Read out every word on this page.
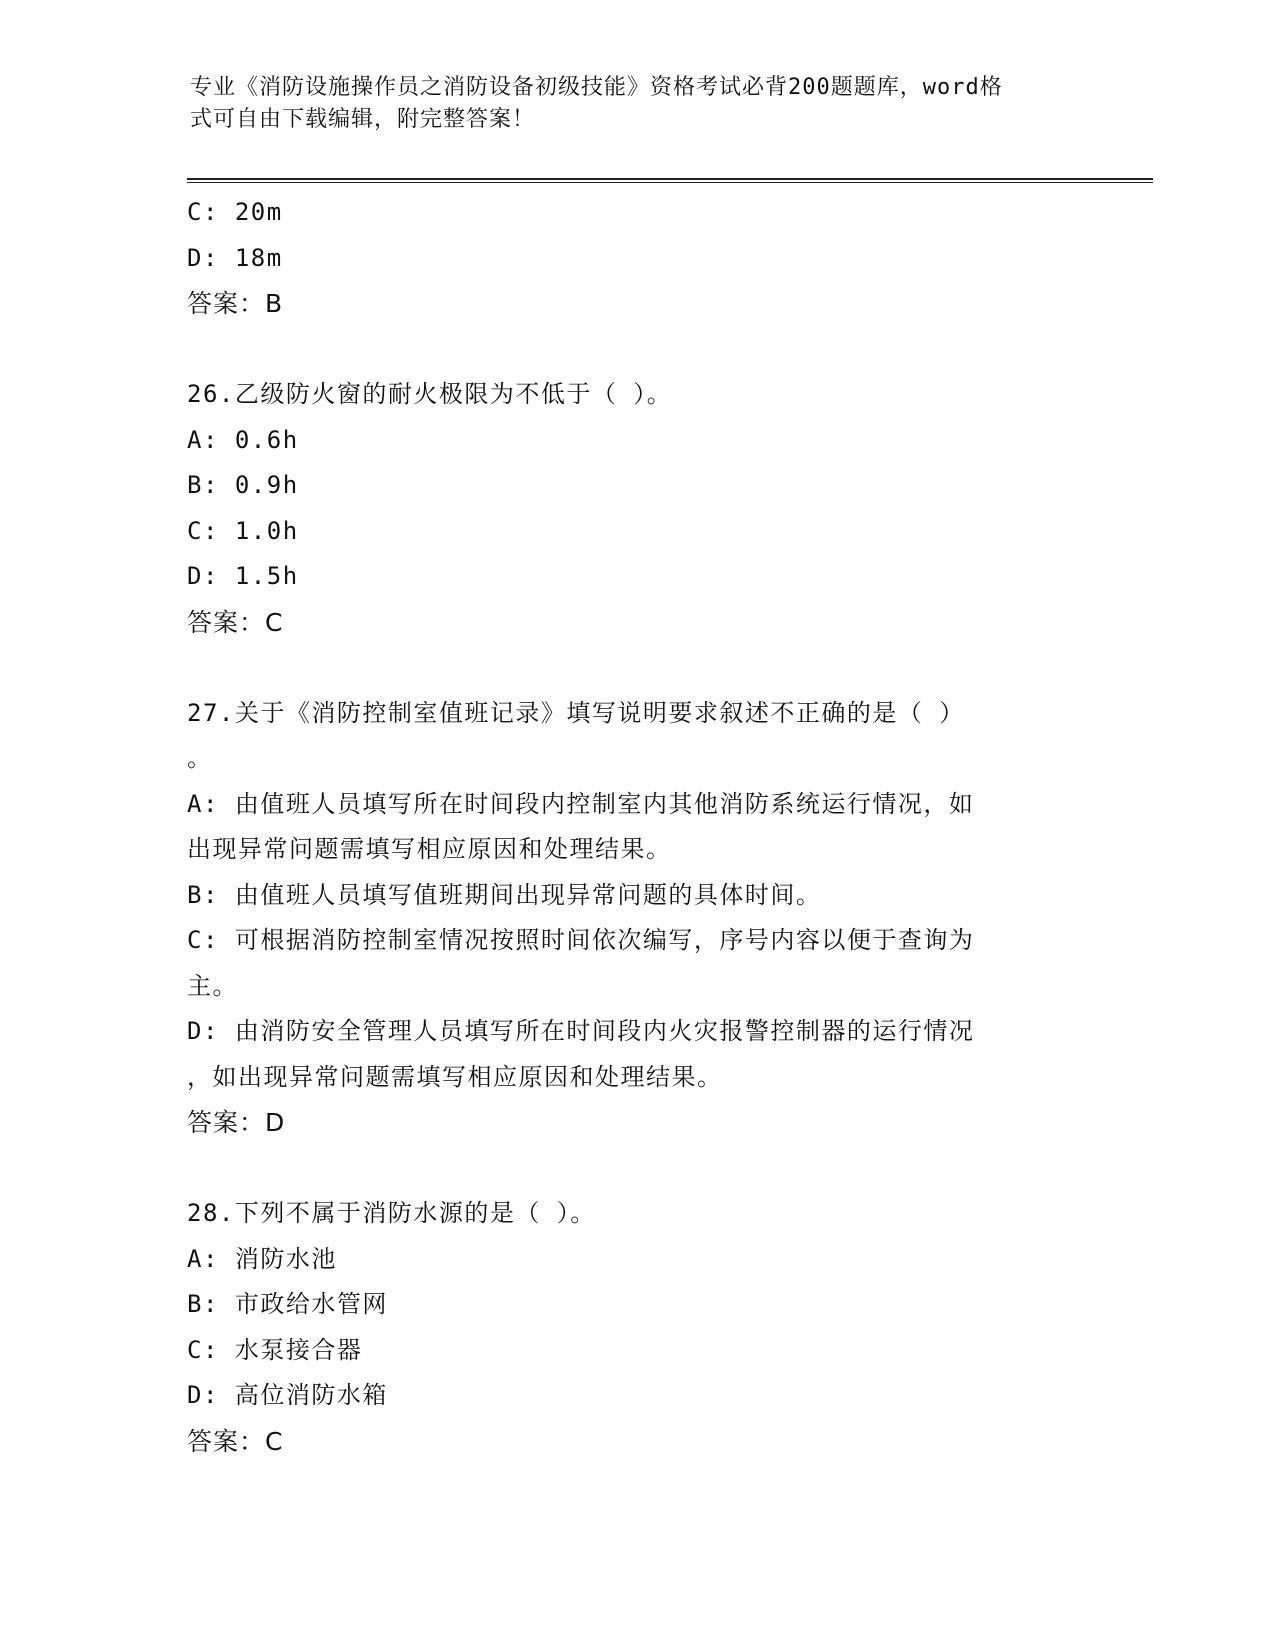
专业《消防设施操作员之消防设备初级技能》资格考试必背200题题库，word格
式可自由下载编辑，附完整答案！
C: 20m
D: 18m
答案：B
26.乙级防火窗的耐火极限为不低于（ ）。
A: 0.6h
B: 0.9h
C: 1.0h
D: 1.5h
答案：C
27.关于《消防控制室值班记录》填写说明要求叙述不正确的是（ ）
。
A: 由值班人员填写所在时间段内控制室内其他消防系统运行情况，如
出现异常问题需填写相应原因和处理结果。
B: 由值班人员填写值班期间出现异常问题的具体时间。
C: 可根据消防控制室情况按照时间依次编写，序号内容以便于查询为
主。
D: 由消防安全管理人员填写所在时间段内火灾报警控制器的运行情况
，如出现异常问题需填写相应原因和处理结果。
答案：D
28.下列不属于消防水源的是（ ）。
A: 消防水池
B: 市政给水管网
C: 水泵接合器
D: 高位消防水箱
答案：C
